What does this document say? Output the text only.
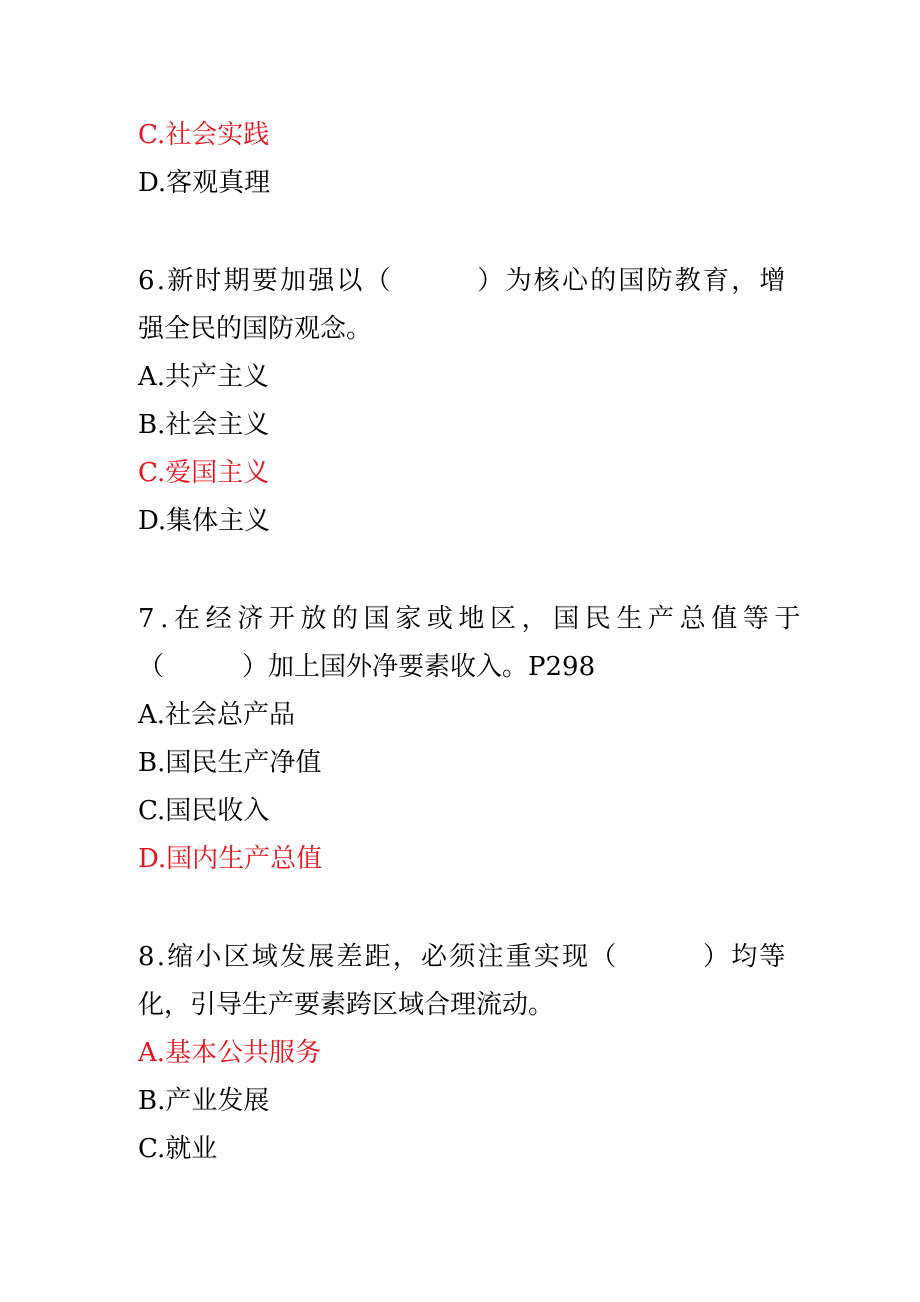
C.社会实践
D.客观真理
6.新时期要加强以（　　　）为核心的国防教育，增
强全民的国防观念。
A.共产主义
B.社会主义
C.爱国主义
D.集体主义
7.在经济开放的国家或地区，国民生产总值等于
（　　　）加上国外净要素收入。P298
A.社会总产品
B.国民生产净值
C.国民收入
D.国内生产总值
8.缩小区域发展差距，必须注重实现（　　　）均等
化，引导生产要素跨区域合理流动。
A.基本公共服务
B.产业发展
C.就业
